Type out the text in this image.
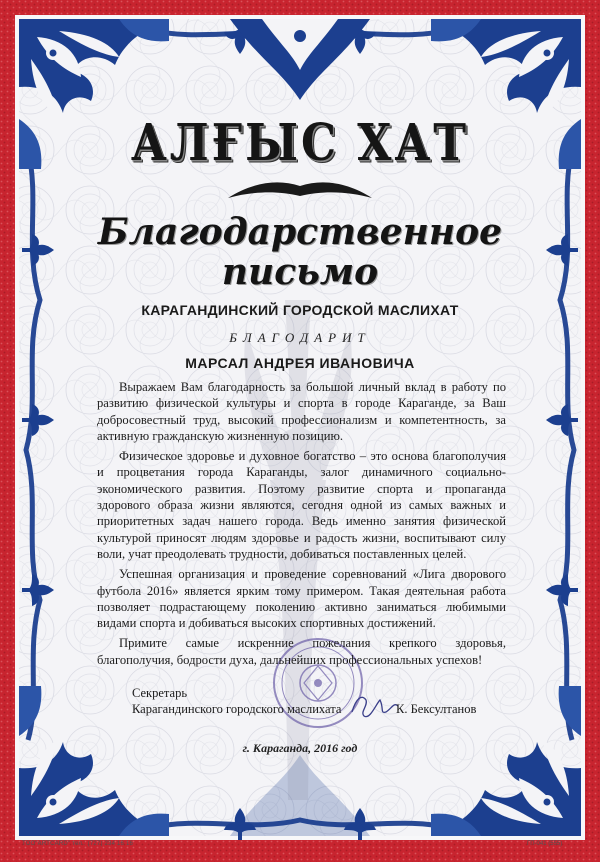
АЛҒЫС ХАТ
Благодарственное
письмо
КАРАГАНДИНСКИЙ ГОРОДСКОЙ МАСЛИХАТ
БЛАГОДАРИТ
МАРСАЛ АНДРЕЯ ИВАНОВИЧА

Выражаем Вам благодарность за большой личный вклад в работу по развитию физической культуры и спорта в городе Караганде, за Ваш добросовестный труд, высокий профессионализм и компетентность, за активную гражданскую жизненную позицию.

Физическое здоровье и духовное богатство – это основа благополучия и процветания города Караганды, залог динамичного социально-экономического развития. Поэтому развитие спорта и пропаганда здорового образа жизни являются, сегодня одной из самых важных и приоритетных задач нашего города. Ведь именно занятия физической культурой приносят людям здоровье и радость жизни, воспитывают силу воли, учат преодолевать трудности, добиваться поставленных целей.

Успешная организация и проведение соревнований «Лига дворового футбола 2016» является ярким тому примером. Такая деятельная работа позволяет подрастающему поколению активно заниматься любимыми видами спорта и добиваться высоких спортивных достижений.

Примите самые искренние пожелания крепкого здоровья, благополучия, бодрости духа, дальнейших профессиональных успехов!

Секретарь
Карагандинского городского маслихата	К. Бексултанов
г. Караганда, 2016 год
ТОО"ARTCARD" тел.: (727) 234 16 16	ГП-041 (555)
